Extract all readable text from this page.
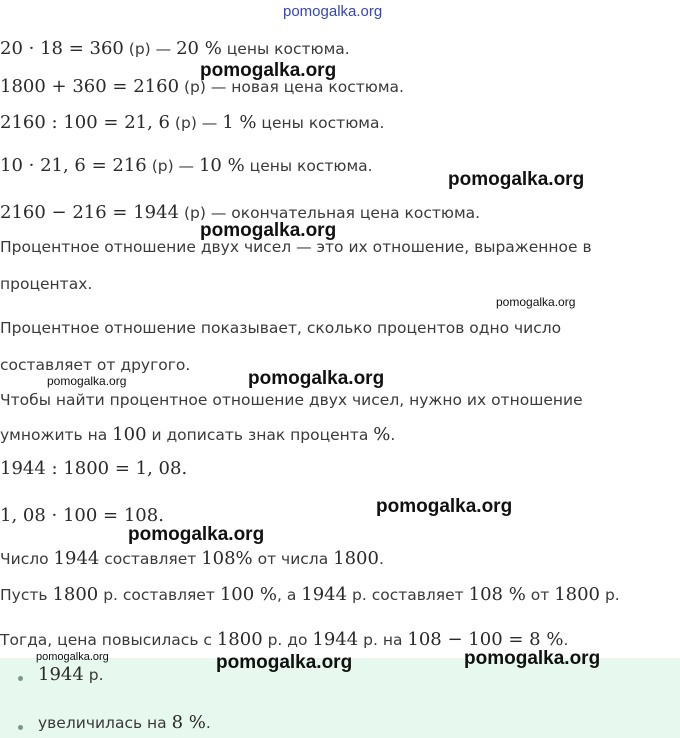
20 · 18 = 360 (р) — 20 % цены костюма.
1800 + 360 = 2160 (р) — новая цена костюма.
2160 : 100 = 21, 6 (р) — 1 % цены костюма.
10 · 21, 6 = 216 (р) — 10 % цены костюма.
2160 − 216 = 1944 (р) — окончательная цена костюма.
Процентное отношение двух чисел — это их отношение, выраженное в
процентах.
Процентное отношение показывает, сколько процентов одно число
составляет от другого.
Чтобы найти процентное отношение двух чисел, нужно их отношение
умножить на 100 и дописать знак процента %.
1944 : 1800 = 1, 08.
1, 08 · 100 = 108.
Число 1944 составляет 108% от числа 1800.
Пусть 1800 р. составляет 100 %, а 1944 р. составляет 108 % от 1800 р.
Тогда, цена повысилась с 1800 р. до 1944 р. на 108 − 100 = 8 %.
1944 р.
увеличилась на 8 %.
pomogalka.org
pomogalka.org
pomogalka.org
pomogalka.org
pomogalka.org
pomogalka.org	pomogalka.org
pomogalka.org
pomogalka.org
pomogalka.org	pomogalka.org	pomogalka.org
